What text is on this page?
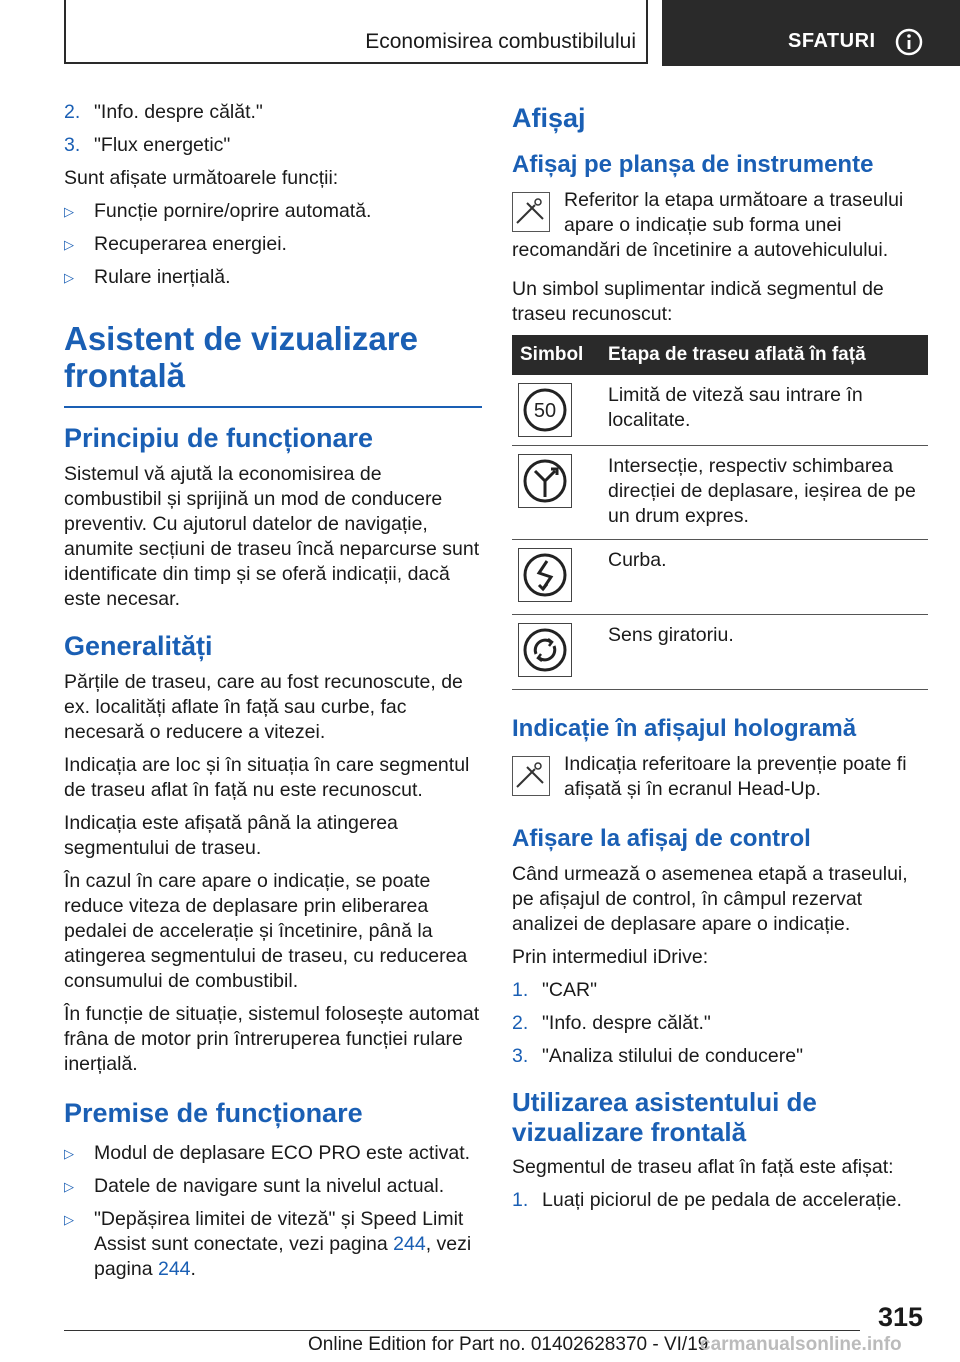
Economisirea combustibilului	SFATURI
2. "Info. despre călăt."
3. "Flux energetic"

Sunt afișate următoarele funcții:

▷	Funcție pornire/oprire automată.
▷	Recuperarea energiei.
▷	Rulare inerțială.
Asistent de vizualizare frontală
Principiu de funcționare

Sistemul vă ajută la economisirea de combustibil și sprijină un mod de conducere preventiv. Cu ajutorul datelor de navigație, anumite secțiuni de traseu încă neparcurse sunt identificate din timp și se oferă indicații, dacă este necesar.

Generalități

Părțile de traseu, care au fost recunoscute, de ex. localități aflate în față sau curbe, fac necesară o reducere a vitezei.

Indicația are loc și în situația în care segmentul de traseu aflat în față nu este recunoscut.

Indicația este afișată până la atingerea segmentului de traseu.

În cazul în care apare o indicație, se poate reduce viteza de deplasare prin eliberarea pedalei de accelerație și încetinire, până la atingerea segmentului de traseu, cu reducerea consumului de combustibil.

În funcție de situație, sistemul folosește automat frâna de motor prin întreruperea funcției rulare inerțială.

Premise de funcționare
▷	Modul de deplasare ECO PRO este activat.
▷	Datele de navigare sunt la nivelul actual.
▷	"Depășirea limitei de viteză" și Speed Limit Assist sunt conectate, vezi pagina 244, vezi pagina 244.
Afișaj
Afișaj pe planșa de instrumente
Referitor la etapa următoare a traseului apare o indicație sub forma unei recomandări de încetinire a autovehiculului.

Un simbol suplimentar indică segmentul de traseu recunoscut:

Simbol	Etapa de traseu aflată în față

50	Limită de viteză sau intrare în localitate.

	Intersecție, respectiv schimbarea direcției de deplasare, ieșirea de pe un drum expres.

	Curba.

	Sens giratoriu.
Indicație în afișajul hologramă
Indicația referitoare la prevenție poate fi afișată și în ecranul Head-Up.
Afișare la afișaj de control

Când urmează o asemenea etapă a traseului, pe afișajul de control, în câmpul rezervat analizei de deplasare apare o indicație.

Prin intermediul iDrive:

1. "CAR"
2. "Info. despre călăt."
3. "Analiza stilului de conducere"
Utilizarea asistentului de vizualizare frontală

Segmentul de traseu aflat în față este afișat:

1. Luați piciorul de pe pedala de accelerație.
315
Online Edition for Part no. 01402628370 - VI/19
carmanualsonline.info
